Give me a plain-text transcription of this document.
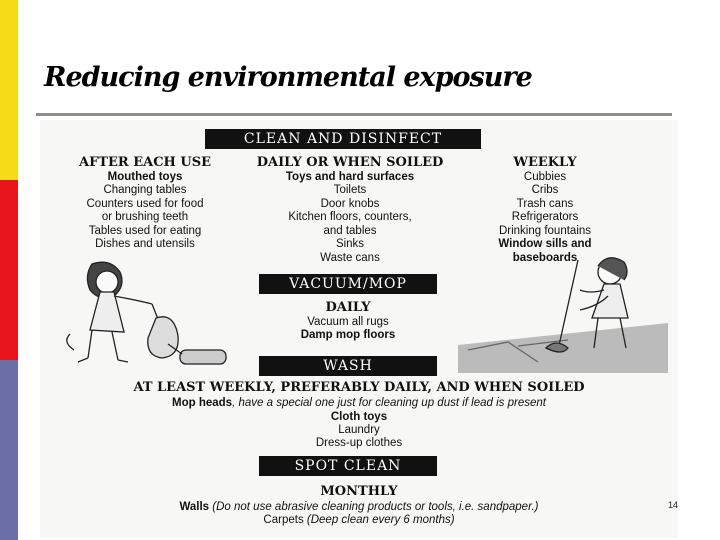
Reducing environmental exposure
CLEAN AND DISINFECT
AFTER EACH USE
Mouthed toys
Changing tables
Counters used for food
or brushing teeth
Tables used for eating
Dishes and utensils
DAILY OR WHEN SOILED
Toys and hard surfaces
Toilets
Door knobs
Kitchen floors, counters,
and tables
Sinks
Waste cans
WEEKLY
Cubbies
Cribs
Trash cans
Refrigerators
Drinking fountains
Window sills and
baseboards
VACUUM/MOP
DAILY
Vacuum all rugs
Damp mop floors
WASH
AT LEAST WEEKLY, PREFERABLY DAILY, AND WHEN SOILED
Mop heads, have a special one just for cleaning up dust if lead is present
Cloth toys
Laundry
Dress-up clothes
SPOT CLEAN
MONTHLY
Walls (Do not use abrasive cleaning products or tools, i.e. sandpaper.)
Carpets (Deep clean every 6 months)
14
